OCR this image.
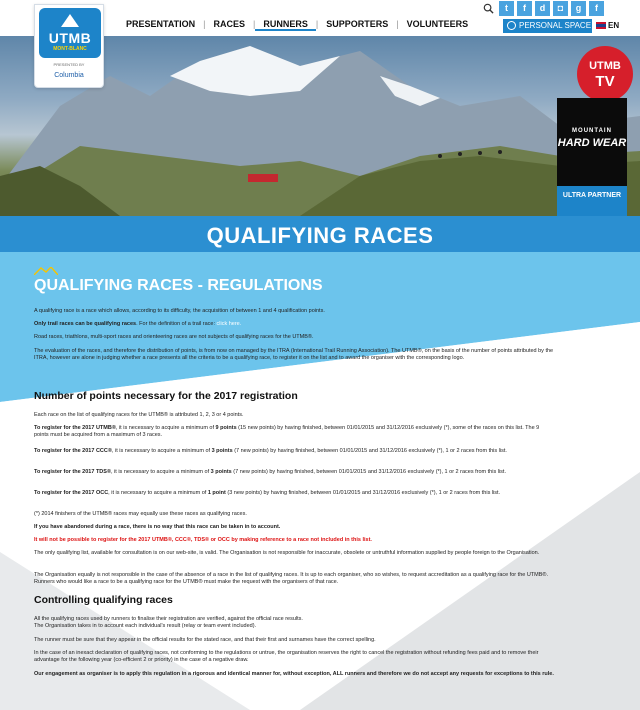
UTMB
MONT-BLANC
PRESENTED BY
Columbia
PRESENTATION | RACES | RUNNERS | SUPPORTERS | VOLUNTEERS
t	f	d	◘	g	f
PERSONAL SPACE	EN
UTMB
TV
MOUNTAIN
HARD WEAR
ULTRA PARTNER
QUALIFYING RACES
QUALIFYING RACES - REGULATIONS
A qualifying race is a race which allows, according to its difficulty, the acquisition of between 1 and 4 qualification points.
Only trail races can be qualifying races. For the definition of a trail race: click here.
Road races, triathlons, multi-sport races and orienteering races are not subjects of qualifying races for the UTMB®.
The evaluation of the races, and therefore the distribution of points, is from now on managed by the ITRA (International Trail Running Association). The UTMB®, on the basis of the number of points attributed by the ITRA, however are alone in judging whether a race presents all the criteria to be a qualifying race, to register it on the list and to award the organiser with the corresponding logo.
>> Click here to consult the list of qualifying races <<
Number of points necessary for the 2017 registration
Each race on the list of qualifying races for the UTMB® is attributed 1, 2, 3 or 4 points.
To register for the 2017 UTMB®, it is necessary to acquire a minimum of 9 points (15 new points) by having finished, between 01/01/2015 and 31/12/2016 exclusively (*), some of the races on this list. The 9 points must be acquired from a maximum of 3 races.
To register for the 2017 CCC®, it is necessary to acquire a minimum of 3 points (7 new points) by having finished, between 01/01/2015 and 31/12/2016 exclusively (*), 1 or 2 races from this list.
To register for the 2017 TDS®, it is necessary to acquire a minimum of 3 points (7 new points) by having finished, between 01/01/2015 and 31/12/2016 exclusively (*), 1 or 2 races from this list.
To register for the 2017 OCC, it is necessary to acquire a minimum of 1 point (3 new points) by having finished, between 01/01/2015 and 31/12/2016 exclusively (*), 1 or 2 races from this list.
(*) 2014 finishers of the UTMB® races may equally use these races as qualifying races.
If you have abandoned during a race, there is no way that this race can be taken in to account.
It will not be possible to register for the 2017 UTMB®, CCC®, TDS® or OCC by making reference to a race not included in this list.
The only qualifying list, available for consultation is on our web-site, is valid. The Organisation is not responsible for inaccurate, obsolete or untruthful information supplied by people foreign to the Organisation.
The Organisation equally is not responsible in the case of the absence of a race in the list of qualifying races. It is up to each organiser, who so wishes, to request accreditation as a qualifying race for the UTMB®. Runners who would like a race to be a qualifying race for the UTMB® must make the request with the organisers of that race.
Controlling qualifying races
All the qualifying races used by runners to finalise their registration are verified, against the official race results.
The Organisation takes in to account each individual's result (relay or team event included).
The runner must be sure that they appear in the official results for the stated race, and that their first and surnames have the correct spelling.
In the case of an inexact declaration of qualifying races, not conforming to the regulations or untrue, the organisation reserves the right to cancel the registration without refunding fees paid and to remove their advantage for the following year (co-efficient 2 or priority) in the case of a negative draw.
Our engagement as organiser is to apply this regulation in a rigorous and identical manner for, without exception, ALL runners and therefore we do not accept any requests for exceptions to this rule.
